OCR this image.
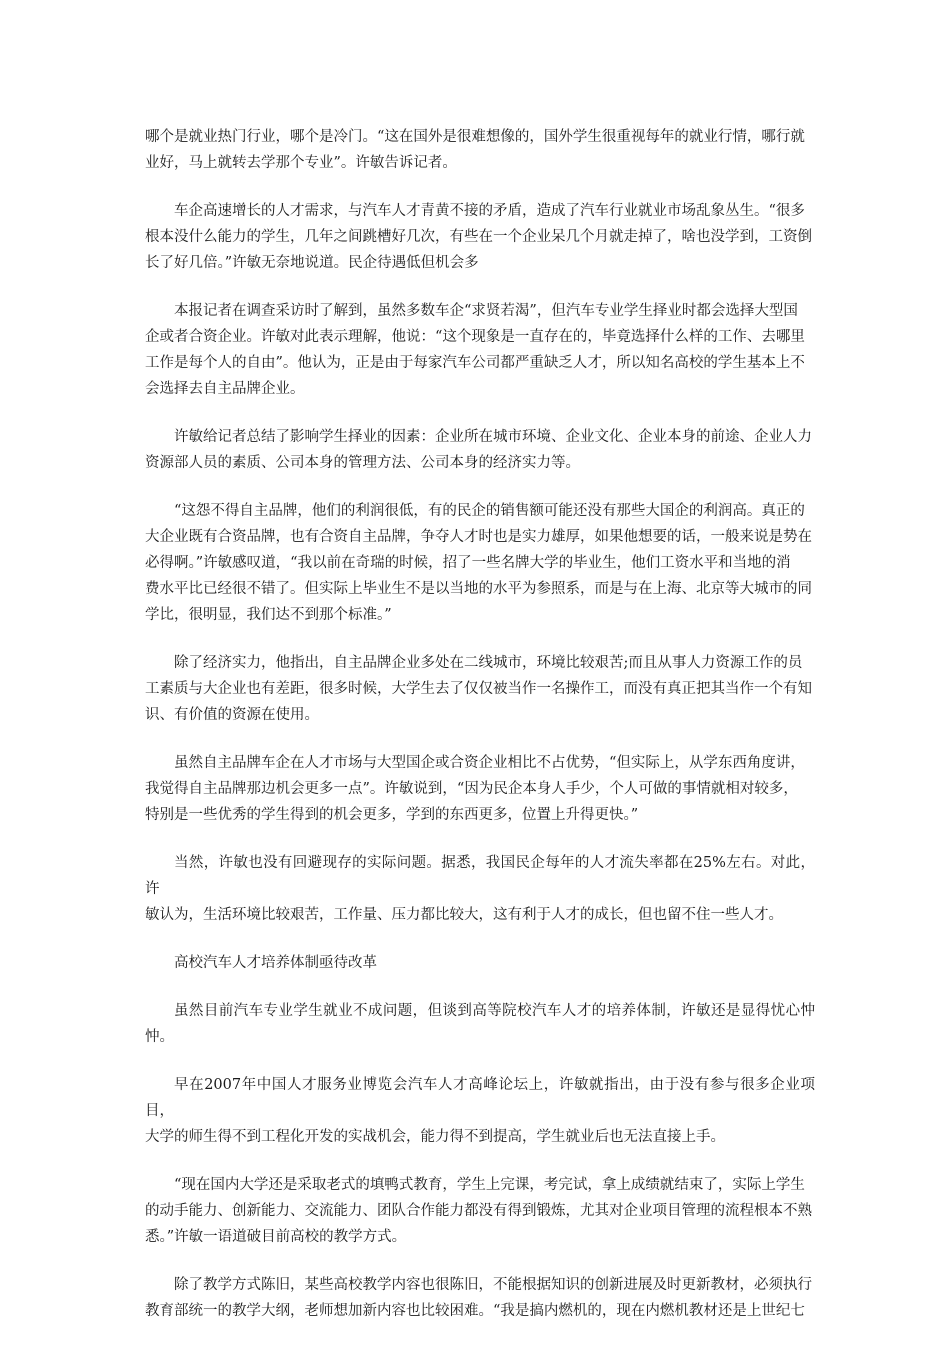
哪个是就业热门行业，哪个是冷门。“这在国外是很难想像的，国外学生很重视每年的就业行情，哪行就
业好，马上就转去学那个专业”。许敏告诉记者。

车企高速增长的人才需求，与汽车人才青黄不接的矛盾，造成了汽车行业就业市场乱象丛生。“很多
根本没什么能力的学生，几年之间跳槽好几次，有些在一个企业呆几个月就走掉了，啥也没学到，工资倒
长了好几倍。”许敏无奈地说道。民企待遇低但机会多

本报记者在调查采访时了解到，虽然多数车企“求贤若渴”，但汽车专业学生择业时都会选择大型国
企或者合资企业。许敏对此表示理解，他说：“这个现象是一直存在的，毕竟选择什么样的工作、去哪里
工作是每个人的自由”。他认为，正是由于每家汽车公司都严重缺乏人才，所以知名高校的学生基本上不
会选择去自主品牌企业。

许敏给记者总结了影响学生择业的因素：企业所在城市环境、企业文化、企业本身的前途、企业人力
资源部人员的素质、公司本身的管理方法、公司本身的经济实力等。

“这怨不得自主品牌，他们的利润很低，有的民企的销售额可能还没有那些大国企的利润高。真正的
大企业既有合资品牌，也有合资自主品牌，争夺人才时也是实力雄厚，如果他想要的话，一般来说是势在
必得啊。”许敏感叹道，“我以前在奇瑞的时候，招了一些名牌大学的毕业生，他们工资水平和当地的消
费水平比已经很不错了。但实际上毕业生不是以当地的水平为参照系，而是与在上海、北京等大城市的同
学比，很明显，我们达不到那个标准。”

除了经济实力，他指出，自主品牌企业多处在二线城市，环境比较艰苦;而且从事人力资源工作的员
工素质与大企业也有差距，很多时候，大学生去了仅仅被当作一名操作工，而没有真正把其当作一个有知
识、有价值的资源在使用。

虽然自主品牌车企在人才市场与大型国企或合资企业相比不占优势，“但实际上，从学东西角度讲，
我觉得自主品牌那边机会更多一点”。许敏说到，“因为民企本身人手少，个人可做的事情就相对较多，
特别是一些优秀的学生得到的机会更多，学到的东西更多，位置上升得更快。”

当然，许敏也没有回避现存的实际问题。据悉，我国民企每年的人才流失率都在25%左右。对此，许
敏认为，生活环境比较艰苦，工作量、压力都比较大，这有利于人才的成长，但也留不住一些人才。

高校汽车人才培养体制亟待改革

虽然目前汽车专业学生就业不成问题，但谈到高等院校汽车人才的培养体制，许敏还是显得忧心忡忡。

早在2007年中国人才服务业博览会汽车人才高峰论坛上，许敏就指出，由于没有参与很多企业项目，
大学的师生得不到工程化开发的实战机会，能力得不到提高，学生就业后也无法直接上手。

“现在国内大学还是采取老式的填鸭式教育，学生上完课，考完试，拿上成绩就结束了，实际上学生
的动手能力、创新能力、交流能力、团队合作能力都没有得到锻炼，尤其对企业项目管理的流程根本不熟
悉。”许敏一语道破目前高校的教学方式。

除了教学方式陈旧，某些高校教学内容也很陈旧，不能根据知识的创新进展及时更新教材，必须执行
教育部统一的教学大纲，老师想加新内容也比较困难。“我是搞内燃机的，现在内燃机教材还是上世纪七
